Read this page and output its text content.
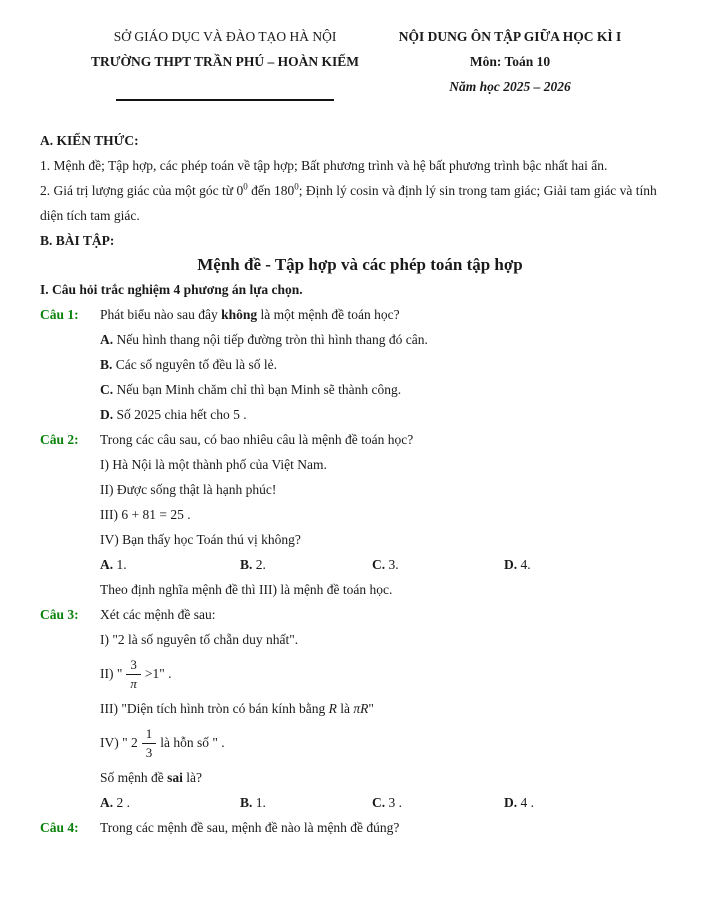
SỞ GIÁO DỤC VÀ ĐÀO TẠO HÀ NỘI
TRƯỜNG THPT TRẦN PHÚ – HOÀN KIẾM
NỘI DUNG ÔN TẬP GIỮA HỌC KÌ I
Môn: Toán 10
Năm học 2025 – 2026
A. KIẾN THỨC:
1. Mệnh đề; Tập hợp, các phép toán về tập hợp; Bất phương trình và hệ bất phương trình bậc nhất hai ẩn.
2. Giá trị lượng giác của một góc từ $0^0$ đến $180^0$; Định lý cosin và định lý sin trong tam giác; Giải tam giác và tính diện tích tam giác.
B. BÀI TẬP:
Mệnh đề - Tập hợp và các phép toán tập hợp
I. Câu hỏi trắc nghiệm 4 phương án lựa chọn.
Câu 1:	Phát biểu nào sau đây không là một mệnh đề toán học?
A. Nếu hình thang nội tiếp đường tròn thì hình thang đó cân.
B. Các số nguyên tố đều là số lẻ.
C. Nếu bạn Minh chăm chỉ thì bạn Minh sẽ thành công.
D. Số 2025 chia hết cho 5 .
Câu 2:	Trong các câu sau, có bao nhiêu câu là mệnh đề toán học?
I) Hà Nội là một thành phố của Việt Nam.
II) Được sống thật là hạnh phúc!
III) 6 + 81 = 25 .
IV) Bạn thấy học Toán thú vị không?
A. 1.	B. 2.	C. 3.	D. 4.
Theo định nghĩa mệnh đề thì III) là mệnh đề toán học.
Câu 3:	Xét các mệnh đề sau:
I) "2 là số nguyên tố chẵn duy nhất".
II) " $\frac{3}{\pi} >1$" .
III) "Diện tích hình tròn có bán kính bằng R là πR"
IV) " $2 \frac{1}{3}$ là hỗn số " .
Số mệnh đề sai là?
A. 2 .	B. 1.	C. 3 .	D. 4 .
Câu 4:	Trong các mệnh đề sau, mệnh đề nào là mệnh đề đúng?
